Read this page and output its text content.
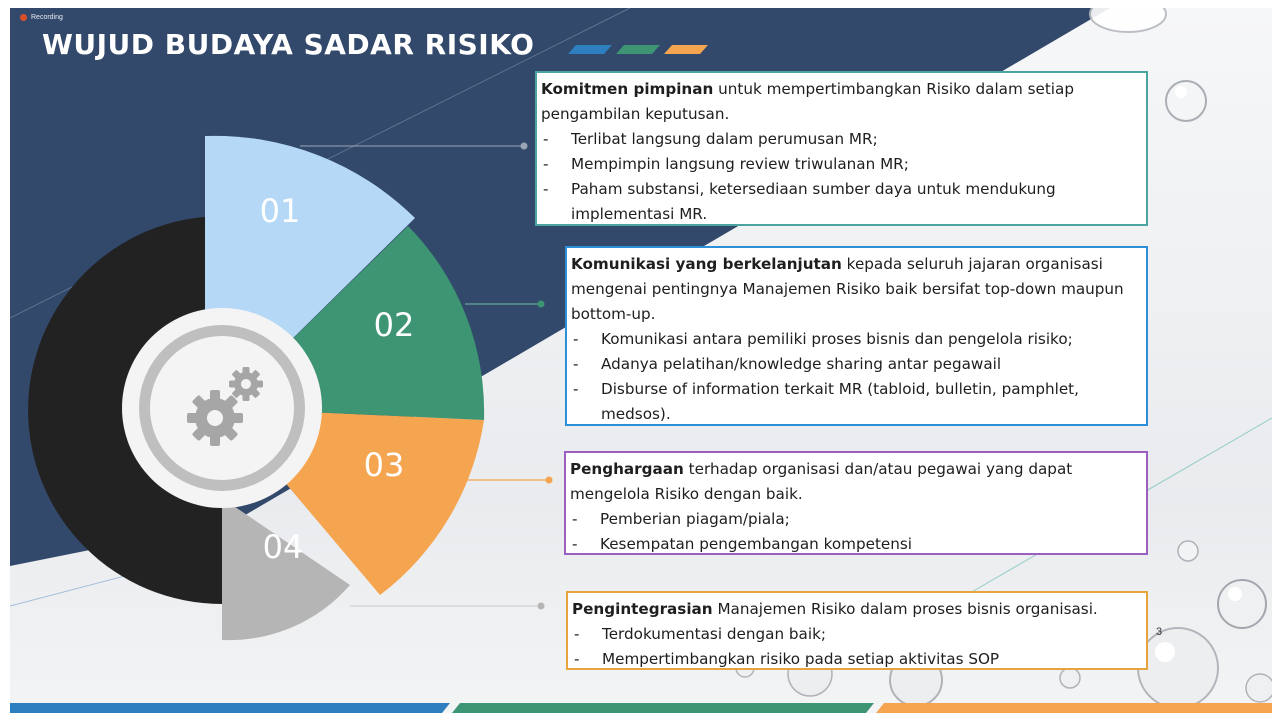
Recording
WUJUD BUDAYA SADAR RISIKO
01
02
03
04

Komitmen pimpinan untuk mempertimbangkan Risiko dalam setiap pengambilan keputusan.

- Terlibat langsung dalam perumusan MR;
- Mempimpin langsung review triwulanan MR;
- Paham substansi, ketersediaan sumber daya untuk mendukung
implementasi MR.

Komunikasi yang berkelanjutan kepada seluruh jajaran organisasi mengenai pentingnya Manajemen Risiko baik bersifat top-down maupun bottom-up.

- Komunikasi antara pemiliki proses bisnis dan pengelola risiko;
- Adanya pelatihan/knowledge sharing antar pegawail
- Disburse of information terkait MR (tabloid, bulletin, pamphlet,
medsos).

Penghargaan terhadap organisasi dan/atau pegawai yang dapat mengelola Risiko dengan baik.

- Pemberian piagam/piala;
- Kesempatan pengembangan kompetensi

Pengintegrasian Manajemen Risiko dalam proses bisnis organisasi.

- Terdokumentasi dengan baik;
- Mempertimbangkan risiko pada setiap aktivitas SOP
3
